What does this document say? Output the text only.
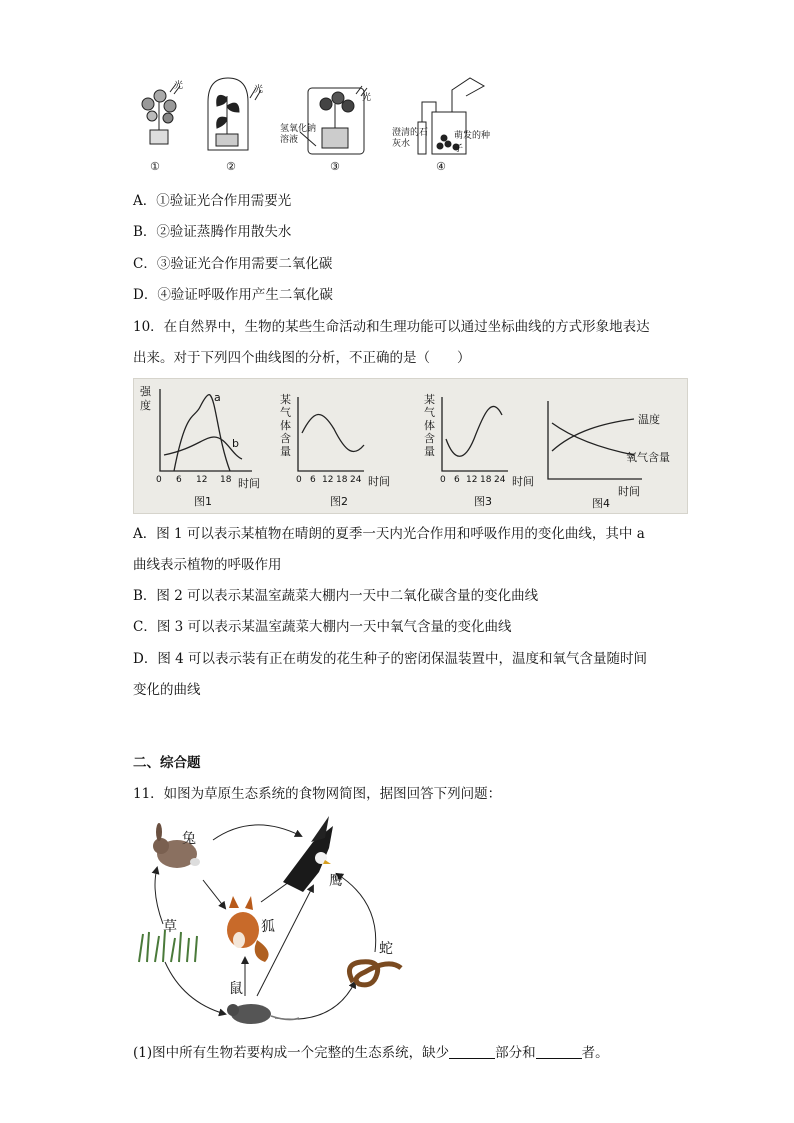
光	光
光
氢氧化钠溶液
澄清的石灰水
萌发的种子
①	②	③	④
A．①验证光合作用需要光
B．②验证蒸腾作用散失水
C．③验证光合作用需要二氧化碳
D．④验证呼吸作用产生二氧化碳
10．在自然界中，生物的某些生命活动和生理功能可以通过坐标曲线的方式形象地表达
出来。对于下列四个曲线图的分析，不正确的是（　　）
强度
a
b
0 6 12 18 时间
图1
某气体含量
0 6 12 18 24 时间
图2
某气体含量
0 6 12 18 24 时间
图3
温度
氧气含量
时间
图4
A．图 1 可以表示某植物在晴朗的夏季一天内光合作用和呼吸作用的变化曲线，其中 a
曲线表示植物的呼吸作用
B．图 2 可以表示某温室蔬菜大棚内一天中二氧化碳含量的变化曲线
C．图 3 可以表示某温室蔬菜大棚内一天中氧气含量的变化曲线
D．图 4 可以表示装有正在萌发的花生种子的密闭保温装置中，温度和氧气含量随时间
变化的曲线
二、综合题
11．如图为草原生态系统的食物网简图，据图回答下列问题：
兔
鹰
草	狐
蛇
鼠
(1)图中所有生物若要构成一个完整的生态系统，缺少	部分和	者。
